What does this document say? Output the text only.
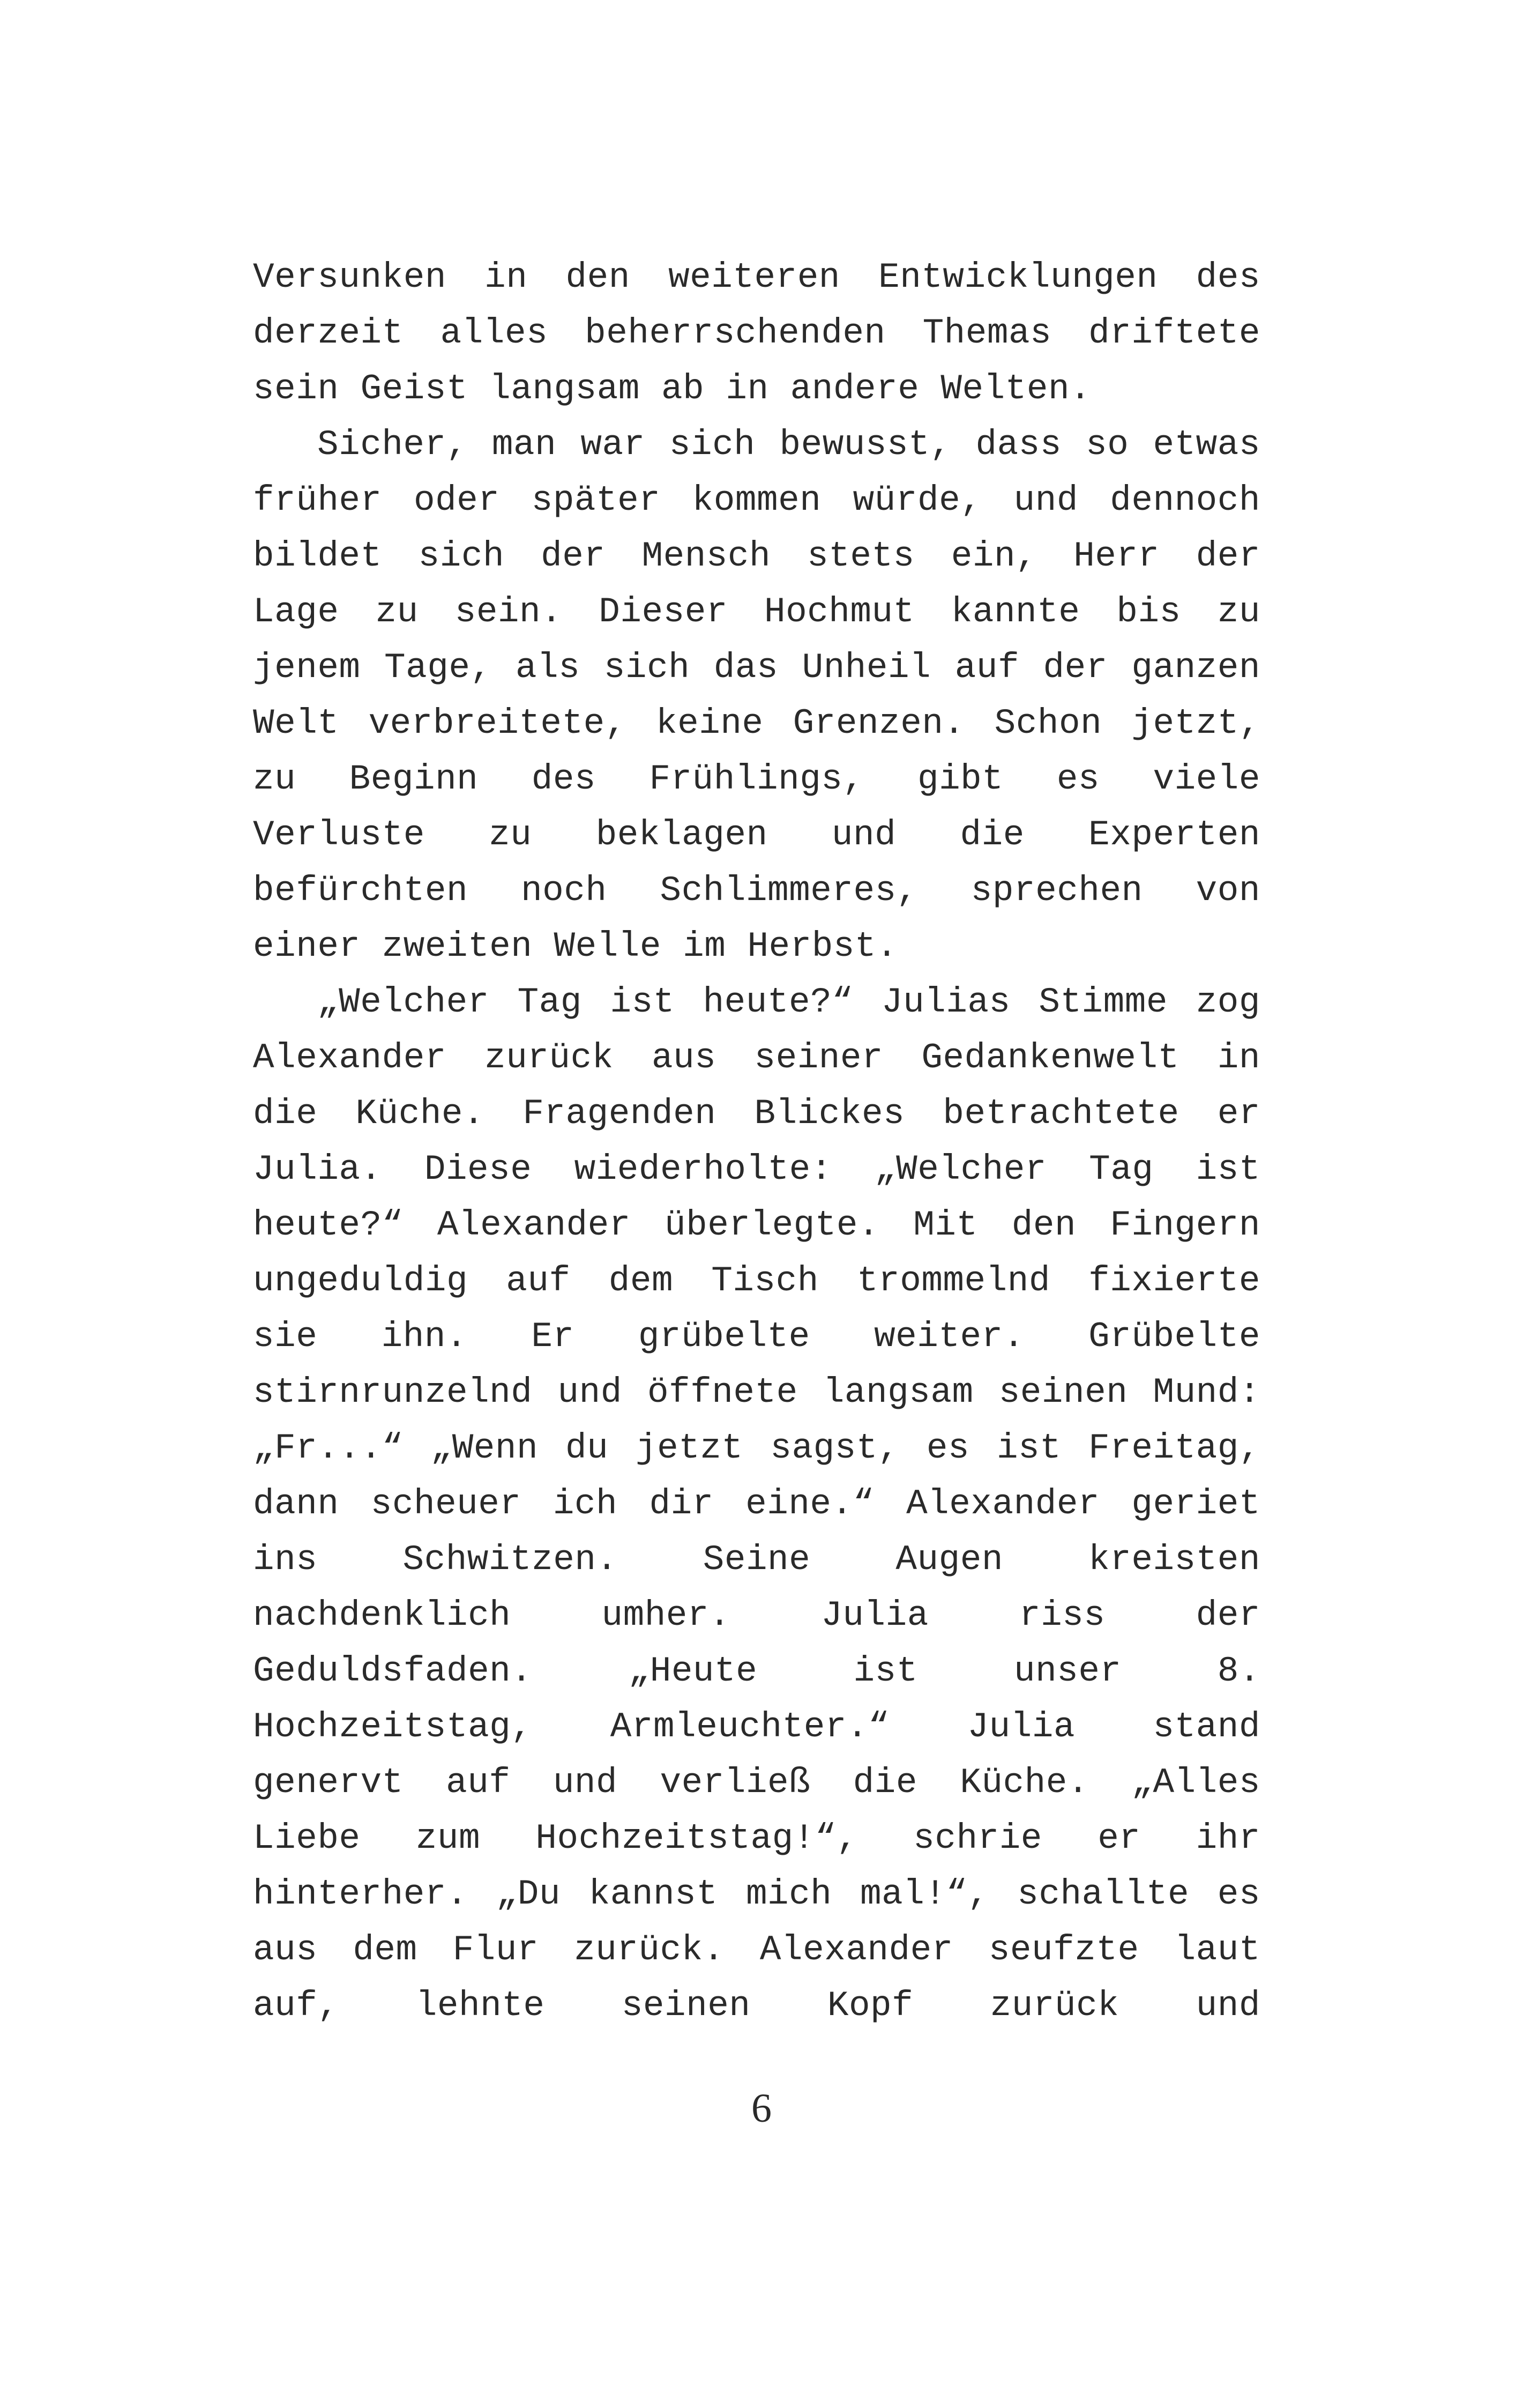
Versunken in den weiteren Entwicklungen des derzeit alles beherrschenden Themas driftete sein Geist langsam ab in andere Welten.

Sicher, man war sich bewusst, dass so etwas früher oder später kommen würde, und dennoch bildet sich der Mensch stets ein, Herr der Lage zu sein. Dieser Hochmut kannte bis zu jenem Tage, als sich das Unheil auf der ganzen Welt verbreitete, keine Grenzen. Schon jetzt, zu Beginn des Frühlings, gibt es viele Verluste zu beklagen und die Experten befürchten noch Schlimmeres, sprechen von einer zweiten Welle im Herbst.

„Welcher Tag ist heute?“ Julias Stimme zog Alexander zurück aus seiner Gedankenwelt in die Küche. Fragenden Blickes betrachtete er Julia. Diese wiederholte: „Welcher Tag ist heute?“ Alexander überlegte. Mit den Fingern ungeduldig auf dem Tisch trommelnd fixierte sie ihn. Er grübelte weiter. Grübelte stirnrunzelnd und öffnete langsam seinen Mund: „Fr...“ „Wenn du jetzt sagst, es ist Freitag, dann scheuer ich dir eine.“ Alexander geriet ins Schwitzen. Seine Augen kreisten nachdenklich umher. Julia riss der Geduldsfaden. „Heute ist unser 8. Hochzeitstag, Armleuchter.“ Julia stand genervt auf und verließ die Küche. „Alles Liebe zum Hochzeitstag!“, schrie er ihr hinterher. „Du kannst mich mal!“, schallte es aus dem Flur zurück. Alexander seufzte laut auf, lehnte seinen Kopf zurück und

6
